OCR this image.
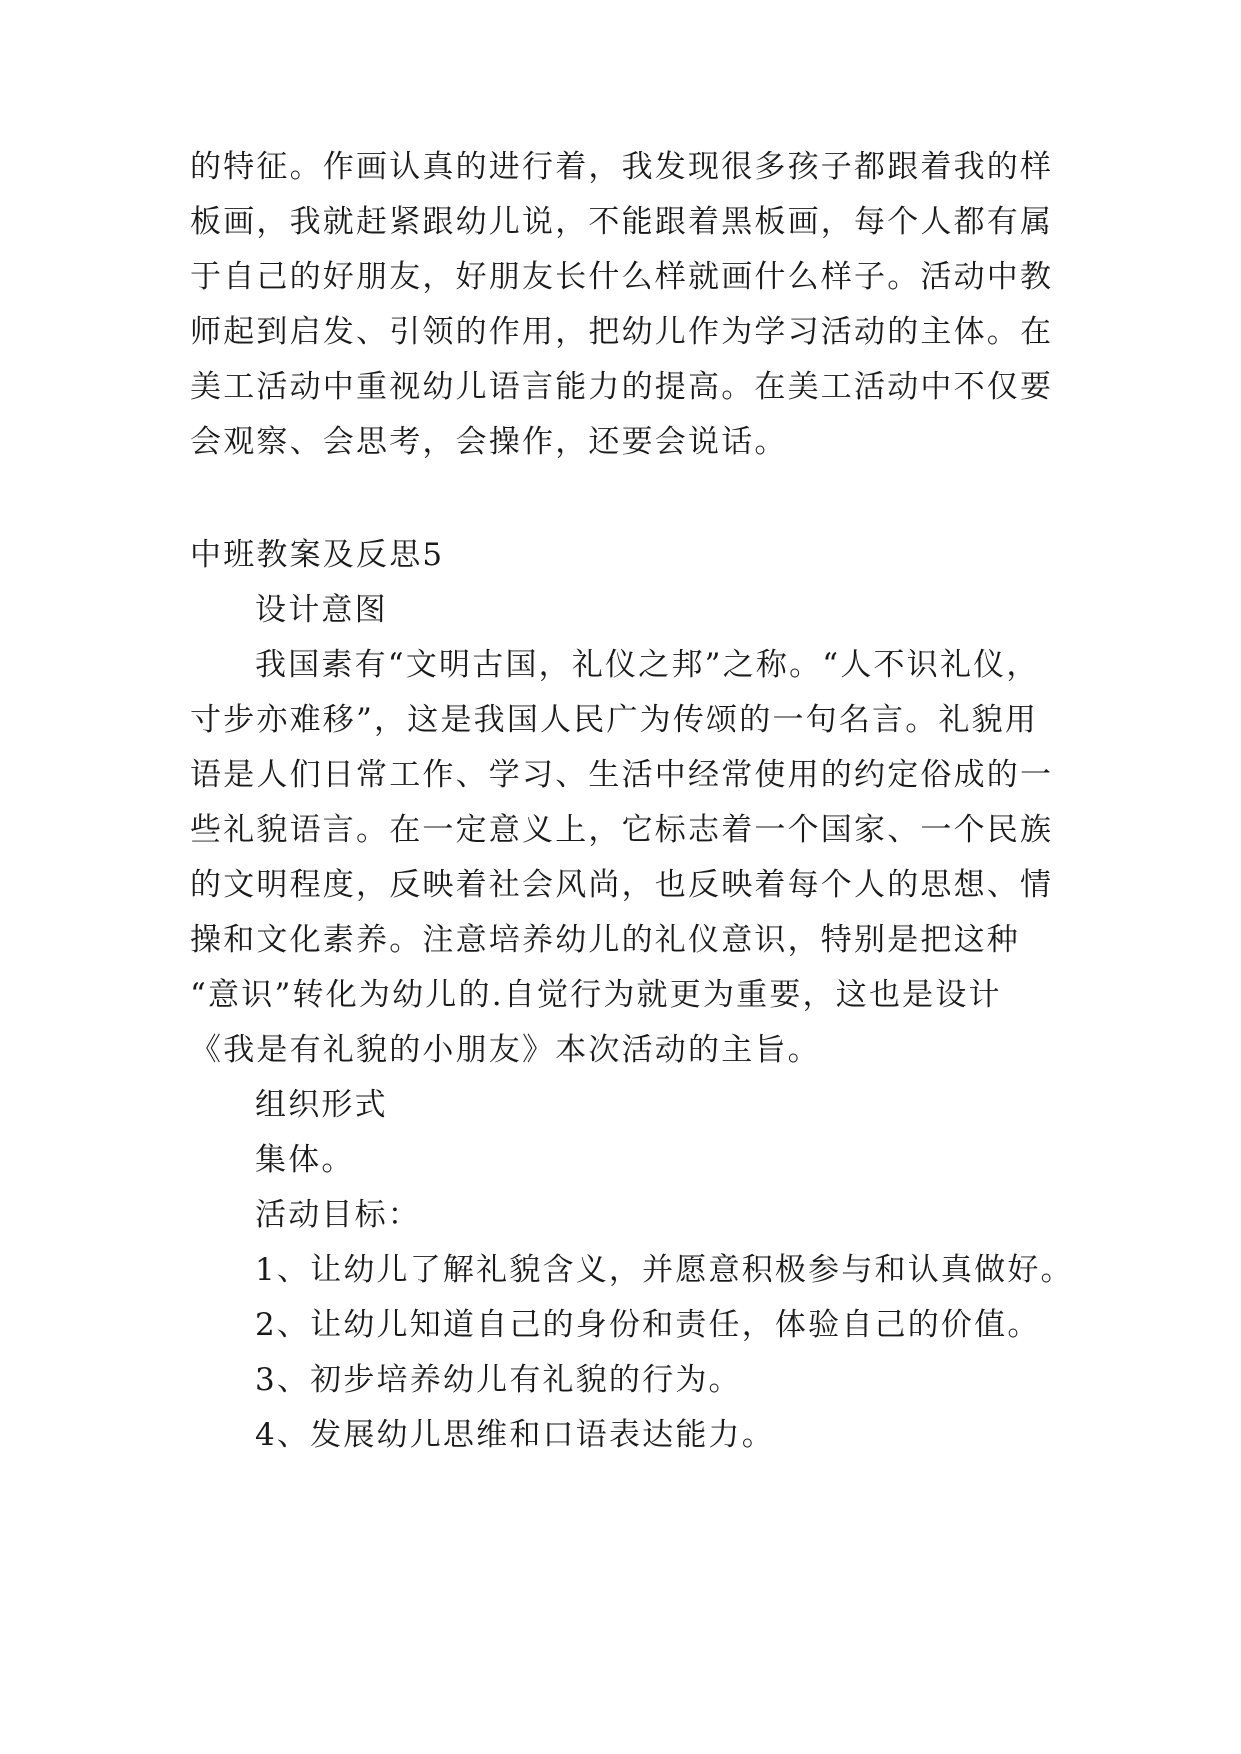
的特征。作画认真的进行着，我发现很多孩子都跟着我的样
板画，我就赶紧跟幼儿说，不能跟着黑板画，每个人都有属
于自己的好朋友，好朋友长什么样就画什么样子。活动中教
师起到启发、引领的作用，把幼儿作为学习活动的主体。在
美工活动中重视幼儿语言能力的提高。在美工活动中不仅要
会观察、会思考，会操作，还要会说话。
中班教案及反思5
设计意图
我国素有“文明古国，礼仪之邦”之称。“人不识礼仪，
寸步亦难移”，这是我国人民广为传颂的一句名言。礼貌用
语是人们日常工作、学习、生活中经常使用的约定俗成的一
些礼貌语言。在一定意义上，它标志着一个国家、一个民族
的文明程度，反映着社会风尚，也反映着每个人的思想、情
操和文化素养。注意培养幼儿的礼仪意识，特别是把这种
“意识”转化为幼儿的.自觉行为就更为重要，这也是设计
《我是有礼貌的小朋友》本次活动的主旨。
组织形式
集体。
活动目标：
1、让幼儿了解礼貌含义，并愿意积极参与和认真做好。
2、让幼儿知道自己的身份和责任，体验自己的价值。
3、初步培养幼儿有礼貌的行为。
4、发展幼儿思维和口语表达能力。
